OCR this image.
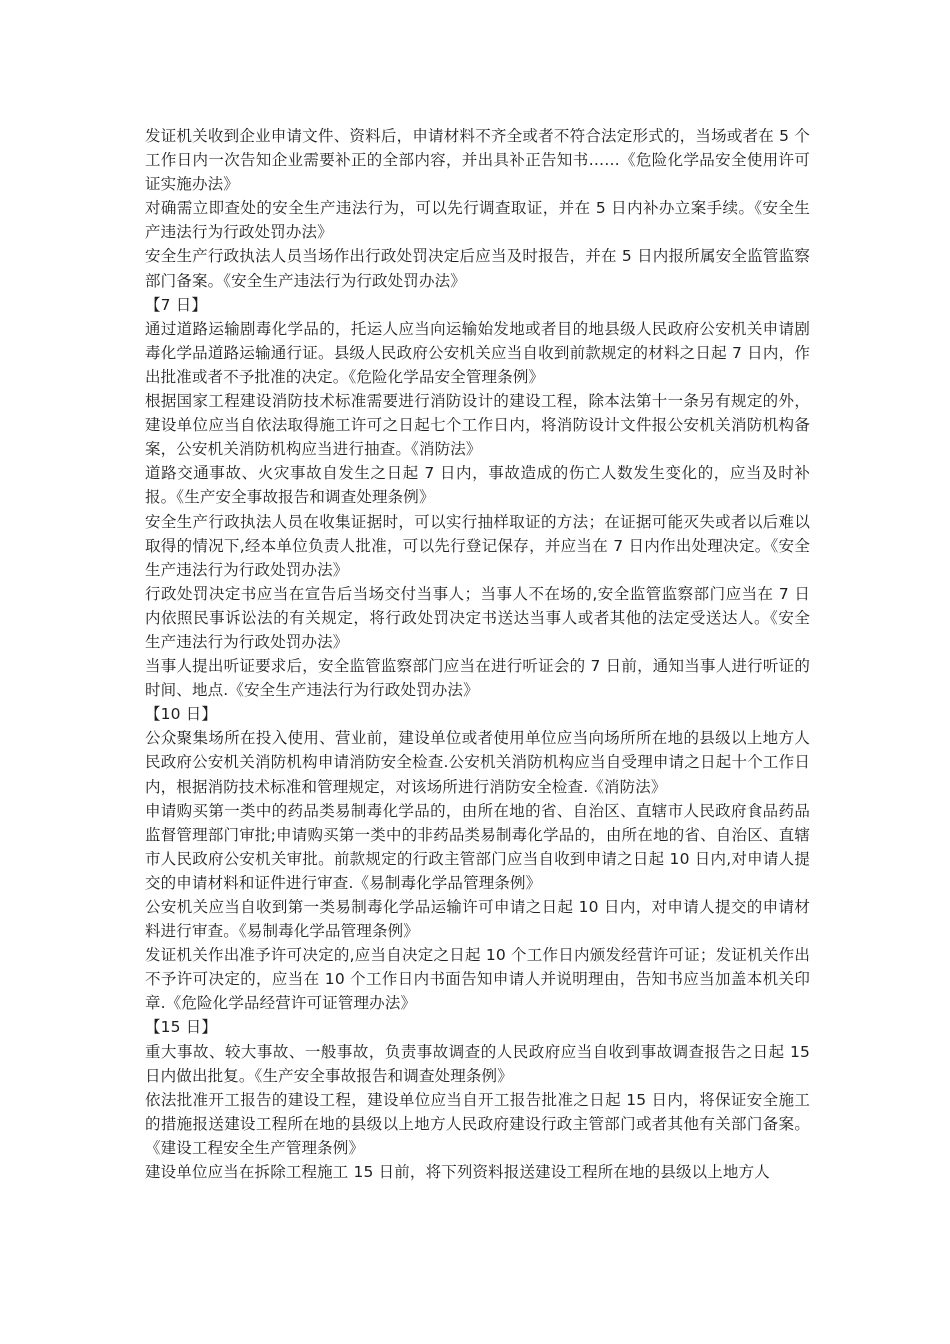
发证机关收到企业申请文件、资料后，申请材料不齐全或者不符合法定形式的，当场或者在 5 个工作日内一次告知企业需要补正的全部内容，并出具补正告知书……《危险化学品安全使用许可证实施办法》

对确需立即查处的安全生产违法行为，可以先行调查取证，并在 5 日内补办立案手续。《安全生产违法行为行政处罚办法》

安全生产行政执法人员当场作出行政处罚决定后应当及时报告，并在 5 日内报所属安全监管监察部门备案。《安全生产违法行为行政处罚办法》

【7 日】

通过道路运输剧毒化学品的，托运人应当向运输始发地或者目的地县级人民政府公安机关申请剧毒化学品道路运输通行证。县级人民政府公安机关应当自收到前款规定的材料之日起 7 日内，作出批准或者不予批准的决定。《危险化学品安全管理条例》

根据国家工程建设消防技术标准需要进行消防设计的建设工程，除本法第十一条另有规定的外，建设单位应当自依法取得施工许可之日起七个工作日内，将消防设计文件报公安机关消防机构备案，公安机关消防机构应当进行抽查。《消防法》

道路交通事故、火灾事故自发生之日起 7 日内，事故造成的伤亡人数发生变化的，应当及时补报。《生产安全事故报告和调查处理条例》

安全生产行政执法人员在收集证据时，可以实行抽样取证的方法；在证据可能灭失或者以后难以取得的情况下,经本单位负责人批准，可以先行登记保存，并应当在 7 日内作出处理决定。《安全生产违法行为行政处罚办法》

行政处罚决定书应当在宣告后当场交付当事人；当事人不在场的,安全监管监察部门应当在 7 日内依照民事诉讼法的有关规定，将行政处罚决定书送达当事人或者其他的法定受送达人。《安全生产违法行为行政处罚办法》

当事人提出听证要求后，安全监管监察部门应当在进行听证会的 7 日前，通知当事人进行听证的时间、地点.《安全生产违法行为行政处罚办法》

【10 日】

公众聚集场所在投入使用、营业前，建设单位或者使用单位应当向场所所在地的县级以上地方人民政府公安机关消防机构申请消防安全检查.公安机关消防机构应当自受理申请之日起十个工作日内，根据消防技术标准和管理规定，对该场所进行消防安全检查.《消防法》

申请购买第一类中的药品类易制毒化学品的，由所在地的省、自治区、直辖市人民政府食品药品监督管理部门审批;申请购买第一类中的非药品类易制毒化学品的，由所在地的省、自治区、直辖市人民政府公安机关审批。前款规定的行政主管部门应当自收到申请之日起 10 日内,对申请人提交的申请材料和证件进行审查.《易制毒化学品管理条例》

公安机关应当自收到第一类易制毒化学品运输许可申请之日起 10 日内，对申请人提交的申请材料进行审查。《易制毒化学品管理条例》

发证机关作出准予许可决定的,应当自决定之日起 10 个工作日内颁发经营许可证；发证机关作出不予许可决定的，应当在 10 个工作日内书面告知申请人并说明理由，告知书应当加盖本机关印章.《危险化学品经营许可证管理办法》

【15 日】

重大事故、较大事故、一般事故，负责事故调查的人民政府应当自收到事故调查报告之日起 15 日内做出批复。《生产安全事故报告和调查处理条例》

依法批准开工报告的建设工程，建设单位应当自开工报告批准之日起 15 日内，将保证安全施工的措施报送建设工程所在地的县级以上地方人民政府建设行政主管部门或者其他有关部门备案。《建设工程安全生产管理条例》

建设单位应当在拆除工程施工 15 日前，将下列资料报送建设工程所在地的县级以上地方人
